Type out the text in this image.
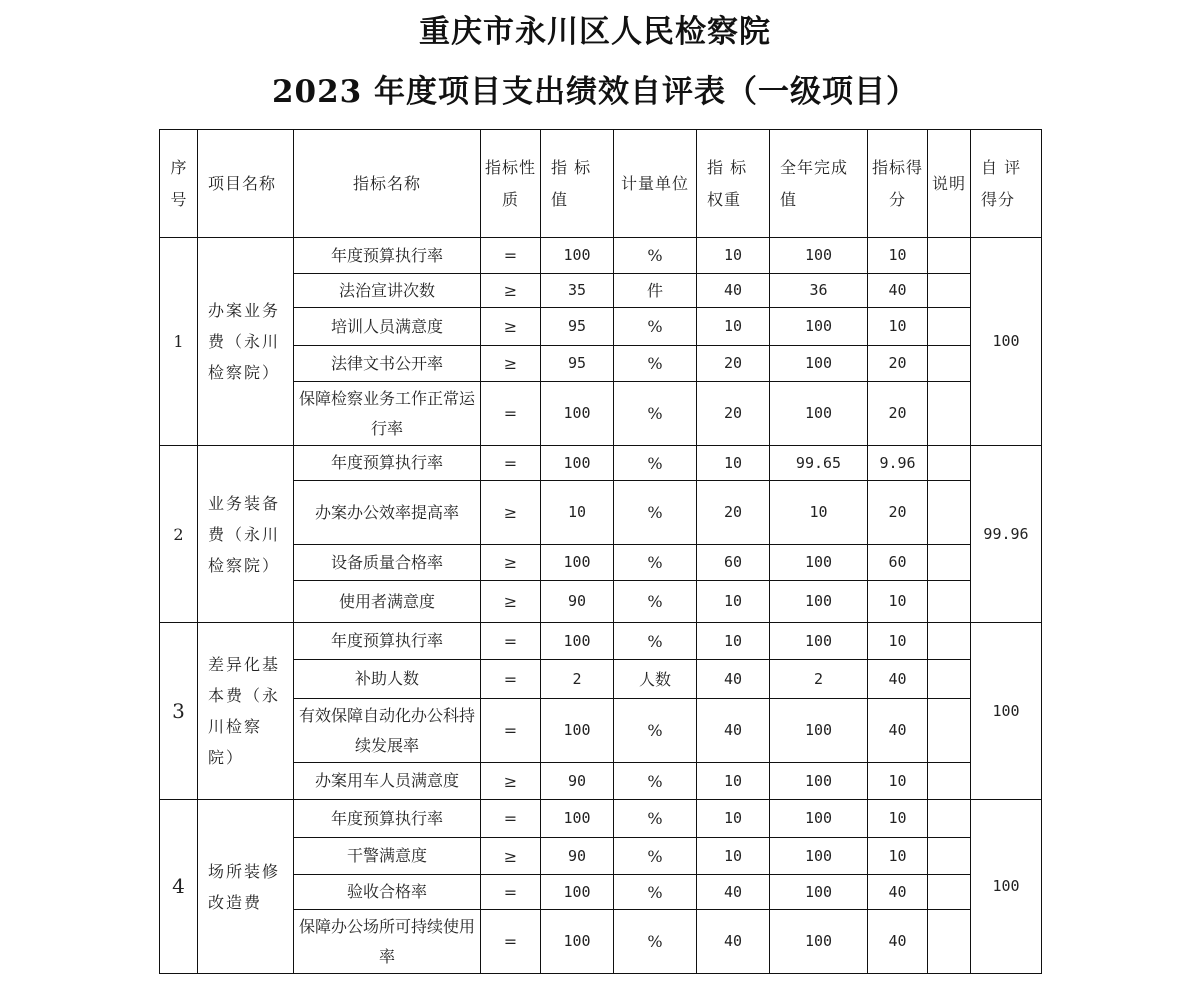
重庆市永川区人民检察院
2023 年度项目支出绩效自评表（一级项目）
序号	项目名称	指标名称	指标性质	指 标 值	计量单位	指 标 权重	全年完成值	指标得分	说明	自 评 得分
1	办案业务费（永川检察院）	年度预算执行率	=	100	%	10	100	10		100
		法治宣讲次数	≥	35	件	40	36	40		
		培训人员满意度	≥	95	%	10	100	10		
		法律文书公开率	≥	95	%	20	100	20		
		保障检察业务工作正常运行率	=	100	%	20	100	20		
2	业务装备费（永川检察院）	年度预算执行率	=	100	%	10	99.65	9.96		99.96
		办案办公效率提高率	≥	10	%	20	10	20		
		设备质量合格率	≥	100	%	60	100	60		
		使用者满意度	≥	90	%	10	100	10		
3	差异化基本费（永川检察院）	年度预算执行率	=	100	%	10	100	10		100
		补助人数	=	2	人数	40	2	40		
		有效保障自动化办公科持续发展率	=	100	%	40	100	40		
		办案用车人员满意度	≥	90	%	10	100	10		
4	场所装修改造费	年度预算执行率	=	100	%	10	100	10		100
		干警满意度	≥	90	%	10	100	10		
		验收合格率	=	100	%	40	100	40		
		保障办公场所可持续使用率	=	100	%	40	100	40		
